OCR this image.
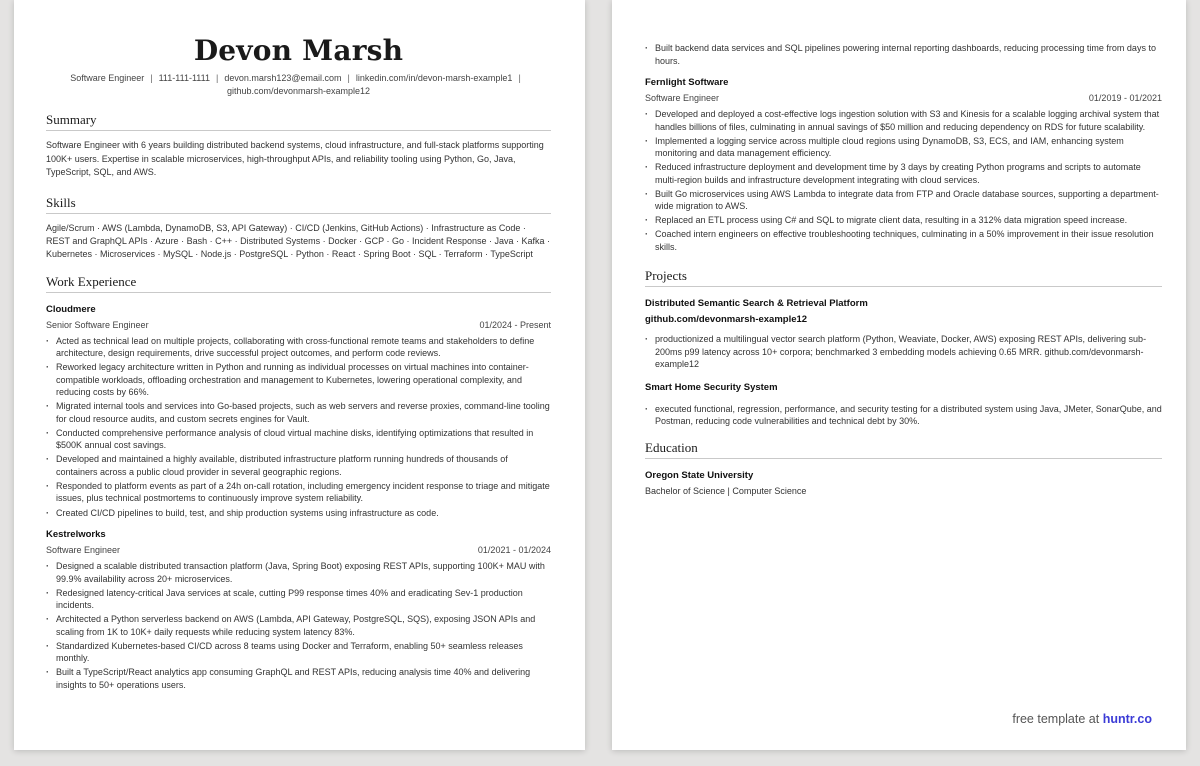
Devon Marsh
Software Engineer | 111-111-1111 | devon.marsh123@email.com | linkedin.com/in/devon-marsh-example1 |
github.com/devonmarsh-example12
Summary

Software Engineer with 6 years building distributed backend systems, cloud infrastructure, and full-stack platforms supporting 100K+ users. Expertise in scalable microservices, high-throughput APIs, and reliability tooling using Python, Go, Java, TypeScript, SQL, and AWS.

Skills

Agile/Scrum · AWS (Lambda, DynamoDB, S3, API Gateway) · CI/CD (Jenkins, GitHub Actions) · Infrastructure as Code · REST and GraphQL APIs · Azure · Bash · C++ · Distributed Systems · Docker · GCP · Go · Incident Response · Java · Kafka · Kubernetes · Microservices · MySQL · Node.js · PostgreSQL · Python · React · Spring Boot · SQL · Terraform · TypeScript

Work Experience
Cloudmere
Senior Software Engineer	01/2024 - Present
· Acted as technical lead on multiple projects, collaborating with cross-functional remote teams and stakeholders to define architecture, design requirements, drive successful project outcomes, and perform code reviews.
· Reworked legacy architecture written in Python and running as individual processes on virtual machines into container-compatible workloads, offloading orchestration and management to Kubernetes, lowering operational complexity, and reducing costs by 66%.
· Migrated internal tools and services into Go-based projects, such as web servers and reverse proxies, command-line tooling for cloud resource audits, and custom secrets engines for Vault.
· Conducted comprehensive performance analysis of cloud virtual machine disks, identifying optimizations that resulted in $500K annual cost savings.
· Developed and maintained a highly available, distributed infrastructure platform running hundreds of thousands of containers across a public cloud provider in several geographic regions.
· Responded to platform events as part of a 24h on-call rotation, including emergency incident response to triage and mitigate issues, plus technical postmortems to continuously improve system reliability.
· Created CI/CD pipelines to build, test, and ship production systems using infrastructure as code.
Kestrelworks
Software Engineer	01/2021 - 01/2024
· Designed a scalable distributed transaction platform (Java, Spring Boot) exposing REST APIs, supporting 100K+ MAU with 99.9% availability across 20+ microservices.
· Redesigned latency-critical Java services at scale, cutting P99 response times 40% and eradicating Sev-1 production incidents.
· Architected a Python serverless backend on AWS (Lambda, API Gateway, PostgreSQL, SQS), exposing JSON APIs and scaling from 1K to 10K+ daily requests while reducing system latency 83%.
· Standardized Kubernetes-based CI/CD across 8 teams using Docker and Terraform, enabling 50+ seamless releases monthly.
· Built a TypeScript/React analytics app consuming GraphQL and REST APIs, reducing analysis time 40% and delivering insights to 50+ operations users.
· Built backend data services and SQL pipelines powering internal reporting dashboards, reducing processing time from days to hours.
Fernlight Software
Software Engineer	01/2019 - 01/2021
· Developed and deployed a cost-effective logs ingestion solution with S3 and Kinesis for a scalable logging archival system that handles billions of files, culminating in annual savings of $50 million and reducing dependency on RDS for future scalability.
· Implemented a logging service across multiple cloud regions using DynamoDB, S3, ECS, and IAM, enhancing system monitoring and data management efficiency.
· Reduced infrastructure deployment and development time by 3 days by creating Python programs and scripts to automate multi-region builds and infrastructure development integrating with cloud services.
· Built Go microservices using AWS Lambda to integrate data from FTP and Oracle database sources, supporting a department-wide migration to AWS.
· Replaced an ETL process using C# and SQL to migrate client data, resulting in a 312% data migration speed increase.
· Coached intern engineers on effective troubleshooting techniques, culminating in a 50% improvement in their issue resolution skills.
Projects
Distributed Semantic Search & Retrieval Platform
github.com/devonmarsh-example12
· productionized a multilingual vector search platform (Python, Weaviate, Docker, AWS) exposing REST APIs, delivering sub-200ms p99 latency across 10+ corpora; benchmarked 3 embedding models achieving 0.65 MRR. github.com/devonmarsh-example12
Smart Home Security System
· executed functional, regression, performance, and security testing for a distributed system using Java, JMeter, SonarQube, and Postman, reducing code vulnerabilities and technical debt by 30%.
Education
Oregon State University
Bachelor of Science | Computer Science
free template at huntr.co
